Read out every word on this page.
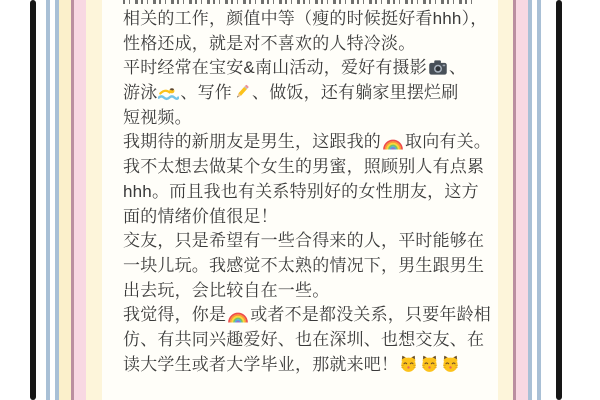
相关的工作，颜值中等（瘦的时候挺好看hhh），
性格还成，就是对不喜欢的人特冷淡。
平时经常在宝安&南山活动，爱好有摄影 、
游泳 、写作 、做饭，还有躺家里摆烂刷
短视频。
我期待的新朋友是男生，这跟我的 取向有关。
我不太想去做某个女生的男蜜，照顾别人有点累
hhh。而且我也有关系特别好的女性朋友，这方
面的情绪价值很足！
交友，只是希望有一些合得来的人，平时能够在
一块儿玩。我感觉不太熟的情况下，男生跟男生
出去玩，会比较自在一些。
我觉得，你是 或者不是都没关系，只要年龄相
仿、有共同兴趣爱好、也在深圳、也想交友、在
读大学生或者大学毕业，那就来吧！
